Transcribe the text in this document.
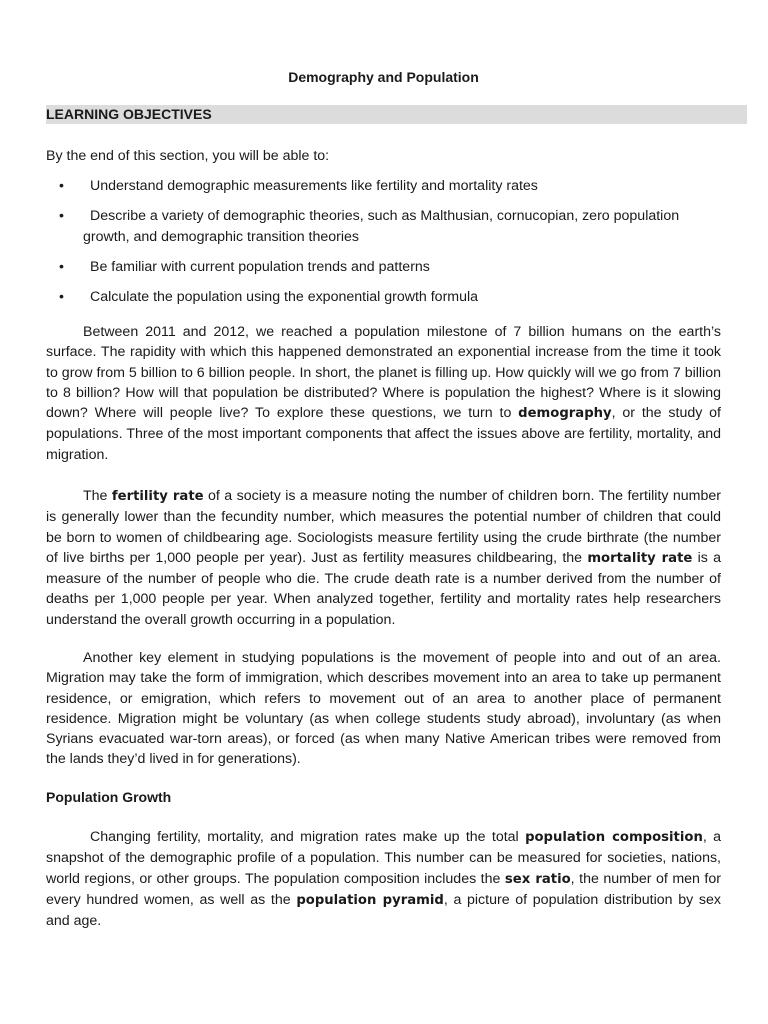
Demography and Population
LEARNING OBJECTIVES
By the end of this section, you will be able to:
•	Understand demographic measurements like fertility and mortality rates
•	Describe a variety of demographic theories, such as Malthusian, cornucopian, zero population growth, and demographic transition theories
•	Be familiar with current population trends and patterns
•	Calculate the population using the exponential growth formula

Between 2011 and 2012, we reached a population milestone of 7 billion humans on the earth’s surface. The rapidity with which this happened demonstrated an exponential increase from the time it took to grow from 5 billion to 6 billion people. In short, the planet is filling up. How quickly will we go from 7 billion to 8 billion? How will that population be distributed? Where is population the highest? Where is it slowing down? Where will people live? To explore these questions, we turn to demography, or the study of populations. Three of the most important components that affect the issues above are fertility, mortality, and migration.

The fertility rate of a society is a measure noting the number of children born. The fertility number is generally lower than the fecundity number, which measures the potential number of children that could be born to women of childbearing age. Sociologists measure fertility using the crude birthrate (the number of live births per 1,000 people per year). Just as fertility measures childbearing, the mortality rate is a measure of the number of people who die. The crude death rate is a number derived from the number of deaths per 1,000 people per year. When analyzed together, fertility and mortality rates help researchers understand the overall growth occurring in a population.

Another key element in studying populations is the movement of people into and out of an area. Migration may take the form of immigration, which describes movement into an area to take up permanent residence, or emigration, which refers to movement out of an area to another place of permanent residence. Migration might be voluntary (as when college students study abroad), involuntary (as when Syrians evacuated war-torn areas), or forced (as when many Native American tribes were removed from the lands they’d lived in for generations).

Population Growth

Changing fertility, mortality, and migration rates make up the total population composition, a snapshot of the demographic profile of a population. This number can be measured for societies, nations, world regions, or other groups. The population composition includes the sex ratio, the number of men for every hundred women, as well as the population pyramid, a picture of population distribution by sex and age.
